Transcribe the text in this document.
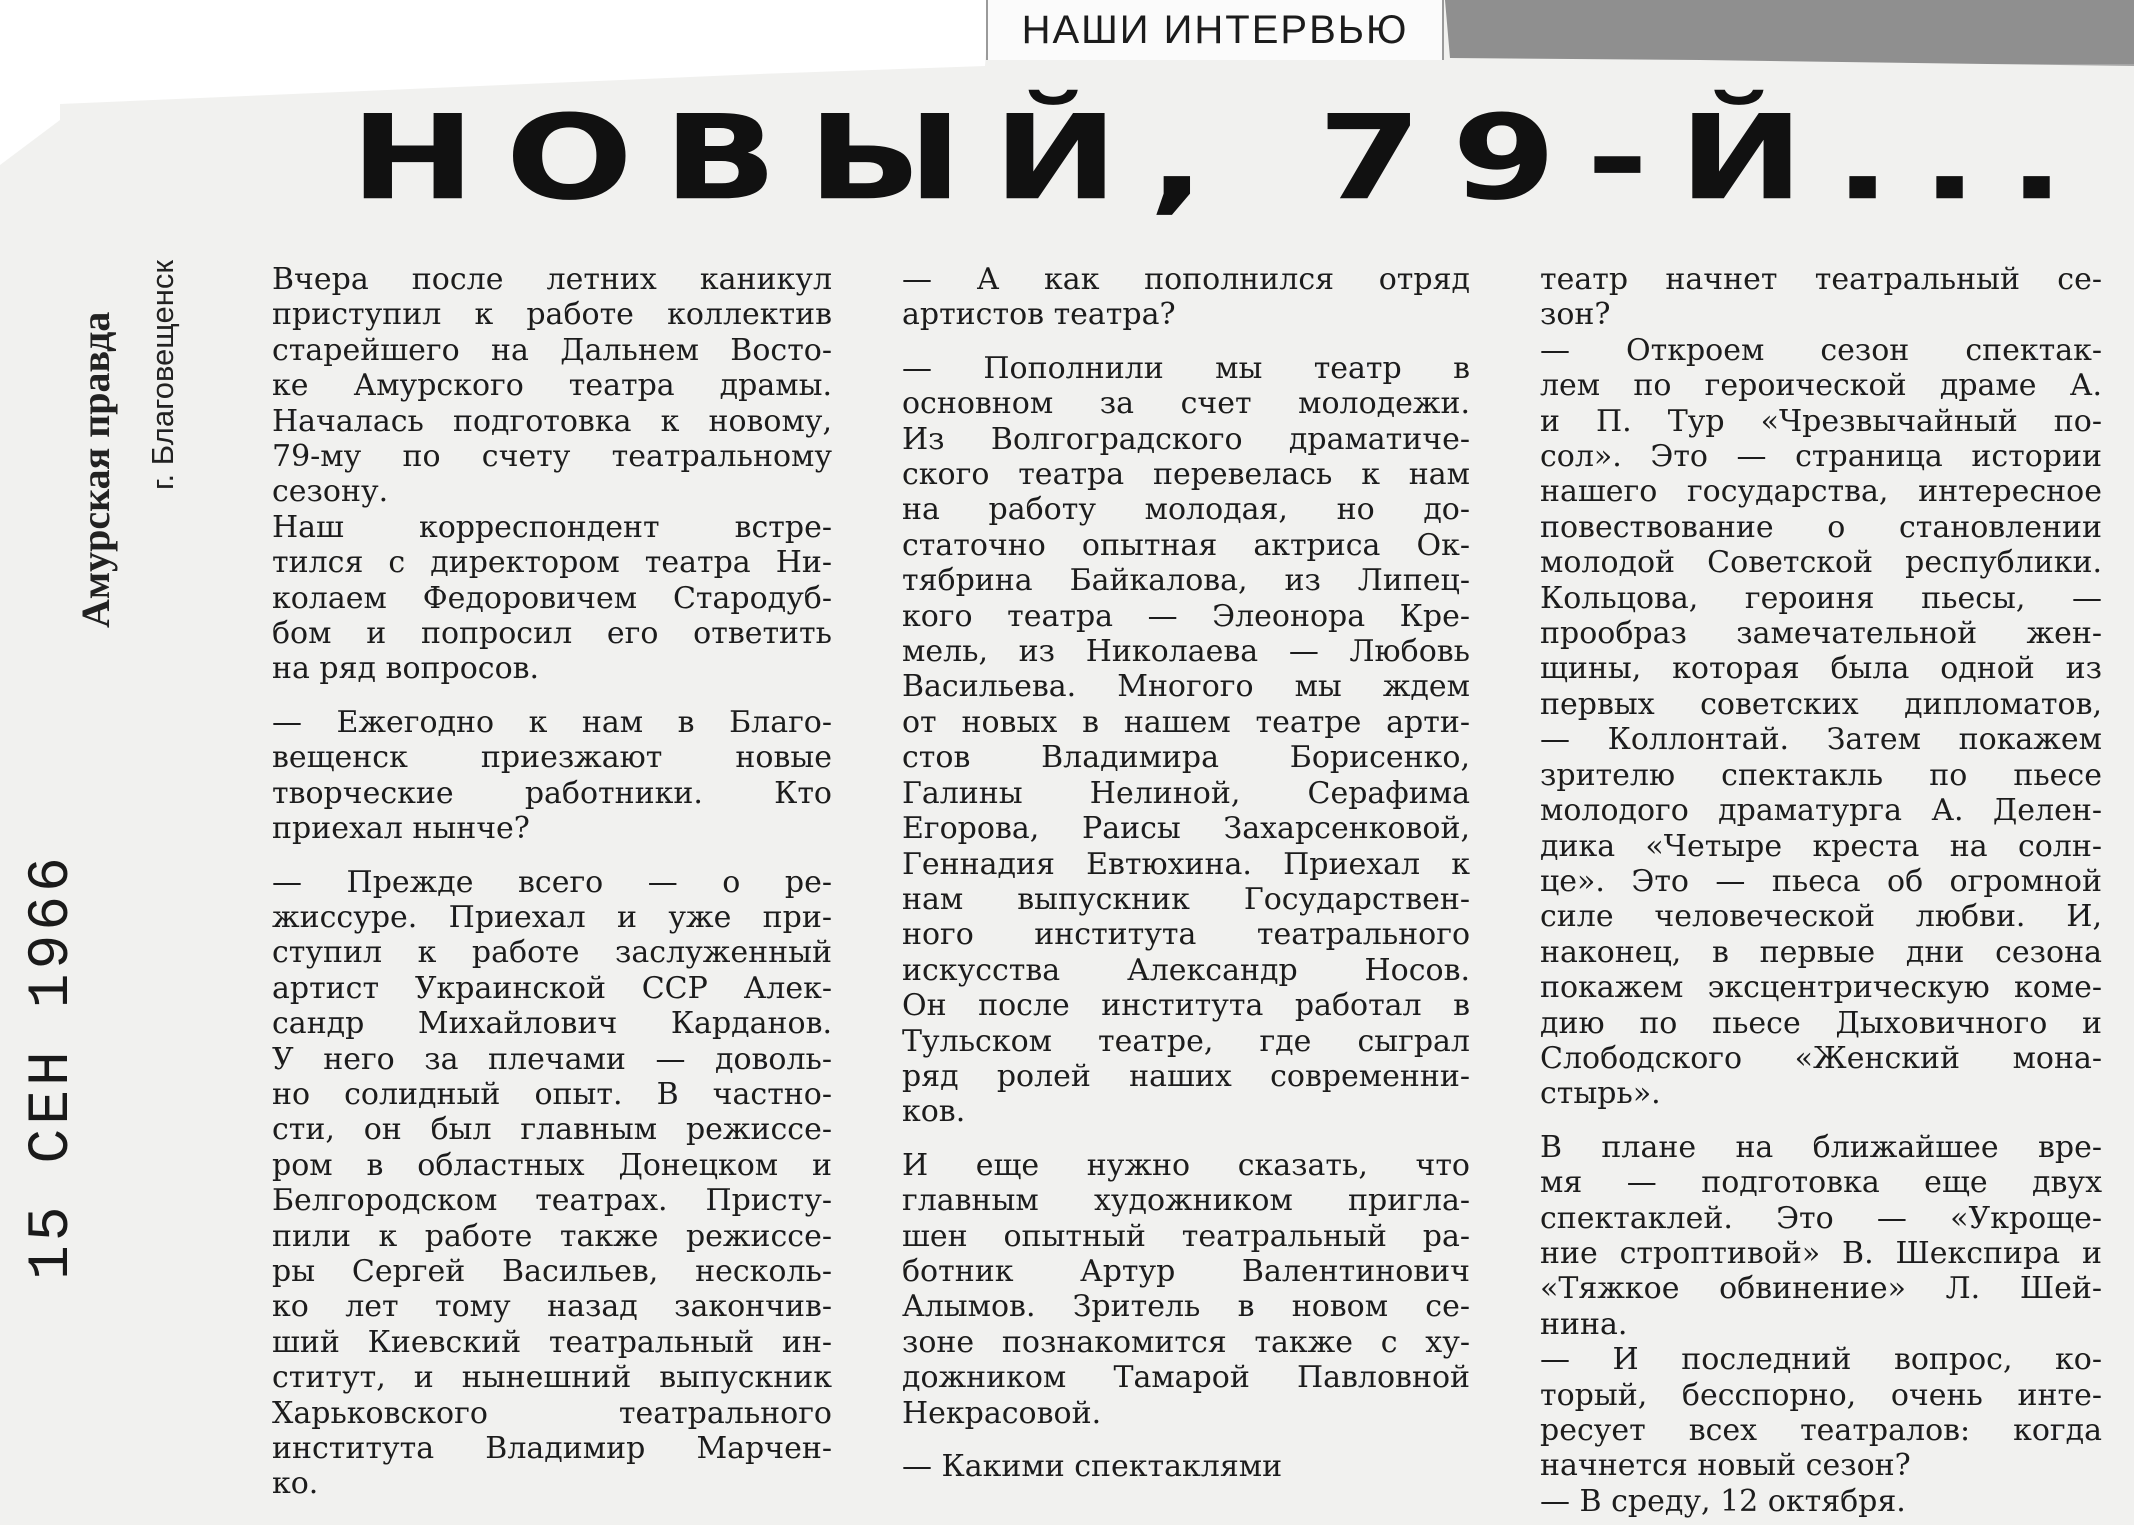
НАШИ ИНТЕРВЬЮ
НОВЫЙ, 79-Й...
Амурская правда г. Благовещенск
15 СЕН 1966

Вчера после летних каникул

приступил к работе коллектив

старейшего на Дальнем Восто-

ке Амурского театра драмы.

Началась подготовка к новому,

79-му по счету театральному

сезону.

Наш корреспондент встре-

тился с директором театра Ни-

колаем Федоровичем Стародуб-

бом и попросил его ответить

на ряд вопросов.

— Ежегодно к нам в Благо-

вещенск приезжают новые

творческие работники. Кто

приехал нынче?

— Прежде всего — о ре-

жиссуре. Приехал и уже при-

ступил к работе заслуженный

артист Украинской ССР Алек-

сандр Михайлович Карданов.

У него за плечами — доволь-

но солидный опыт. В частно-

сти, он был главным режиссе-

ром в областных Донецком и

Белгородском театрах. Присту-

пили к работе также режиссе-

ры Сергей Васильев, несколь-

ко лет тому назад закончив-

ший Киевский театральный ин-

ститут, и нынешний выпускник

Харьковского театрального

института Владимир Марчен-

ко.

— А как пополнился отряд

артистов театра?

— Пополнили мы театр в

основном за счет молодежи.

Из Волгоградского драматиче-

ского театра перевелась к нам

на работу молодая, но до-

статочно опытная актриса Ок-

тябрина Байкалова, из Липец-

кого театра — Элеонора Кре-

мель, из Николаева — Любовь

Васильева. Многого мы ждем

от новых в нашем театре арти-

стов Владимира Борисенко,

Галины Нелиной, Серафима

Егорова, Раисы Захарсенковой,

Геннадия Евтюхина. Приехал к

нам выпускник Государствен-

ного института театрального

искусства Александр Носов.

Он после института работал в

Тульском театре, где сыграл

ряд ролей наших современни-

ков.

И еще нужно сказать, что

главным художником пригла-

шен опытный театральный ра-

ботник Артур Валентинович

Алымов. Зритель в новом се-

зоне познакомится также с ху-

дожником Тамарой Павловной

Некрасовой.

— Какими спектаклями

театр начнет театральный се-

зон?

— Откроем сезон спектак-

лем по героической драме А.

и П. Тур «Чрезвычайный по-

сол». Это — страница истории

нашего государства, интересное

повествование о становлении

молодой Советской республики.

Кольцова, героиня пьесы, —

прообраз замечательной жен-

щины, которая была одной из

первых советских дипломатов,

— Коллонтай. Затем покажем

зрителю спектакль по пьесе

молодого драматурга А. Делен-

дика «Четыре креста на солн-

це». Это — пьеса об огромной

силе человеческой любви. И,

наконец, в первые дни сезона

покажем эксцентрическую коме-

дию по пьесе Дыховичного и

Слободского «Женский мона-

стырь».

В плане на ближайшее вре-

мя — подготовка еще двух

спектаклей. Это — «Укроще-

ние строптивой» В. Шекспира и

«Тяжкое обвинение» Л. Шей-

нина.

— И последний вопрос, ко-

торый, бесспорно, очень инте-

ресует всех театралов: когда

начнется новый сезон?

— В среду, 12 октября.
